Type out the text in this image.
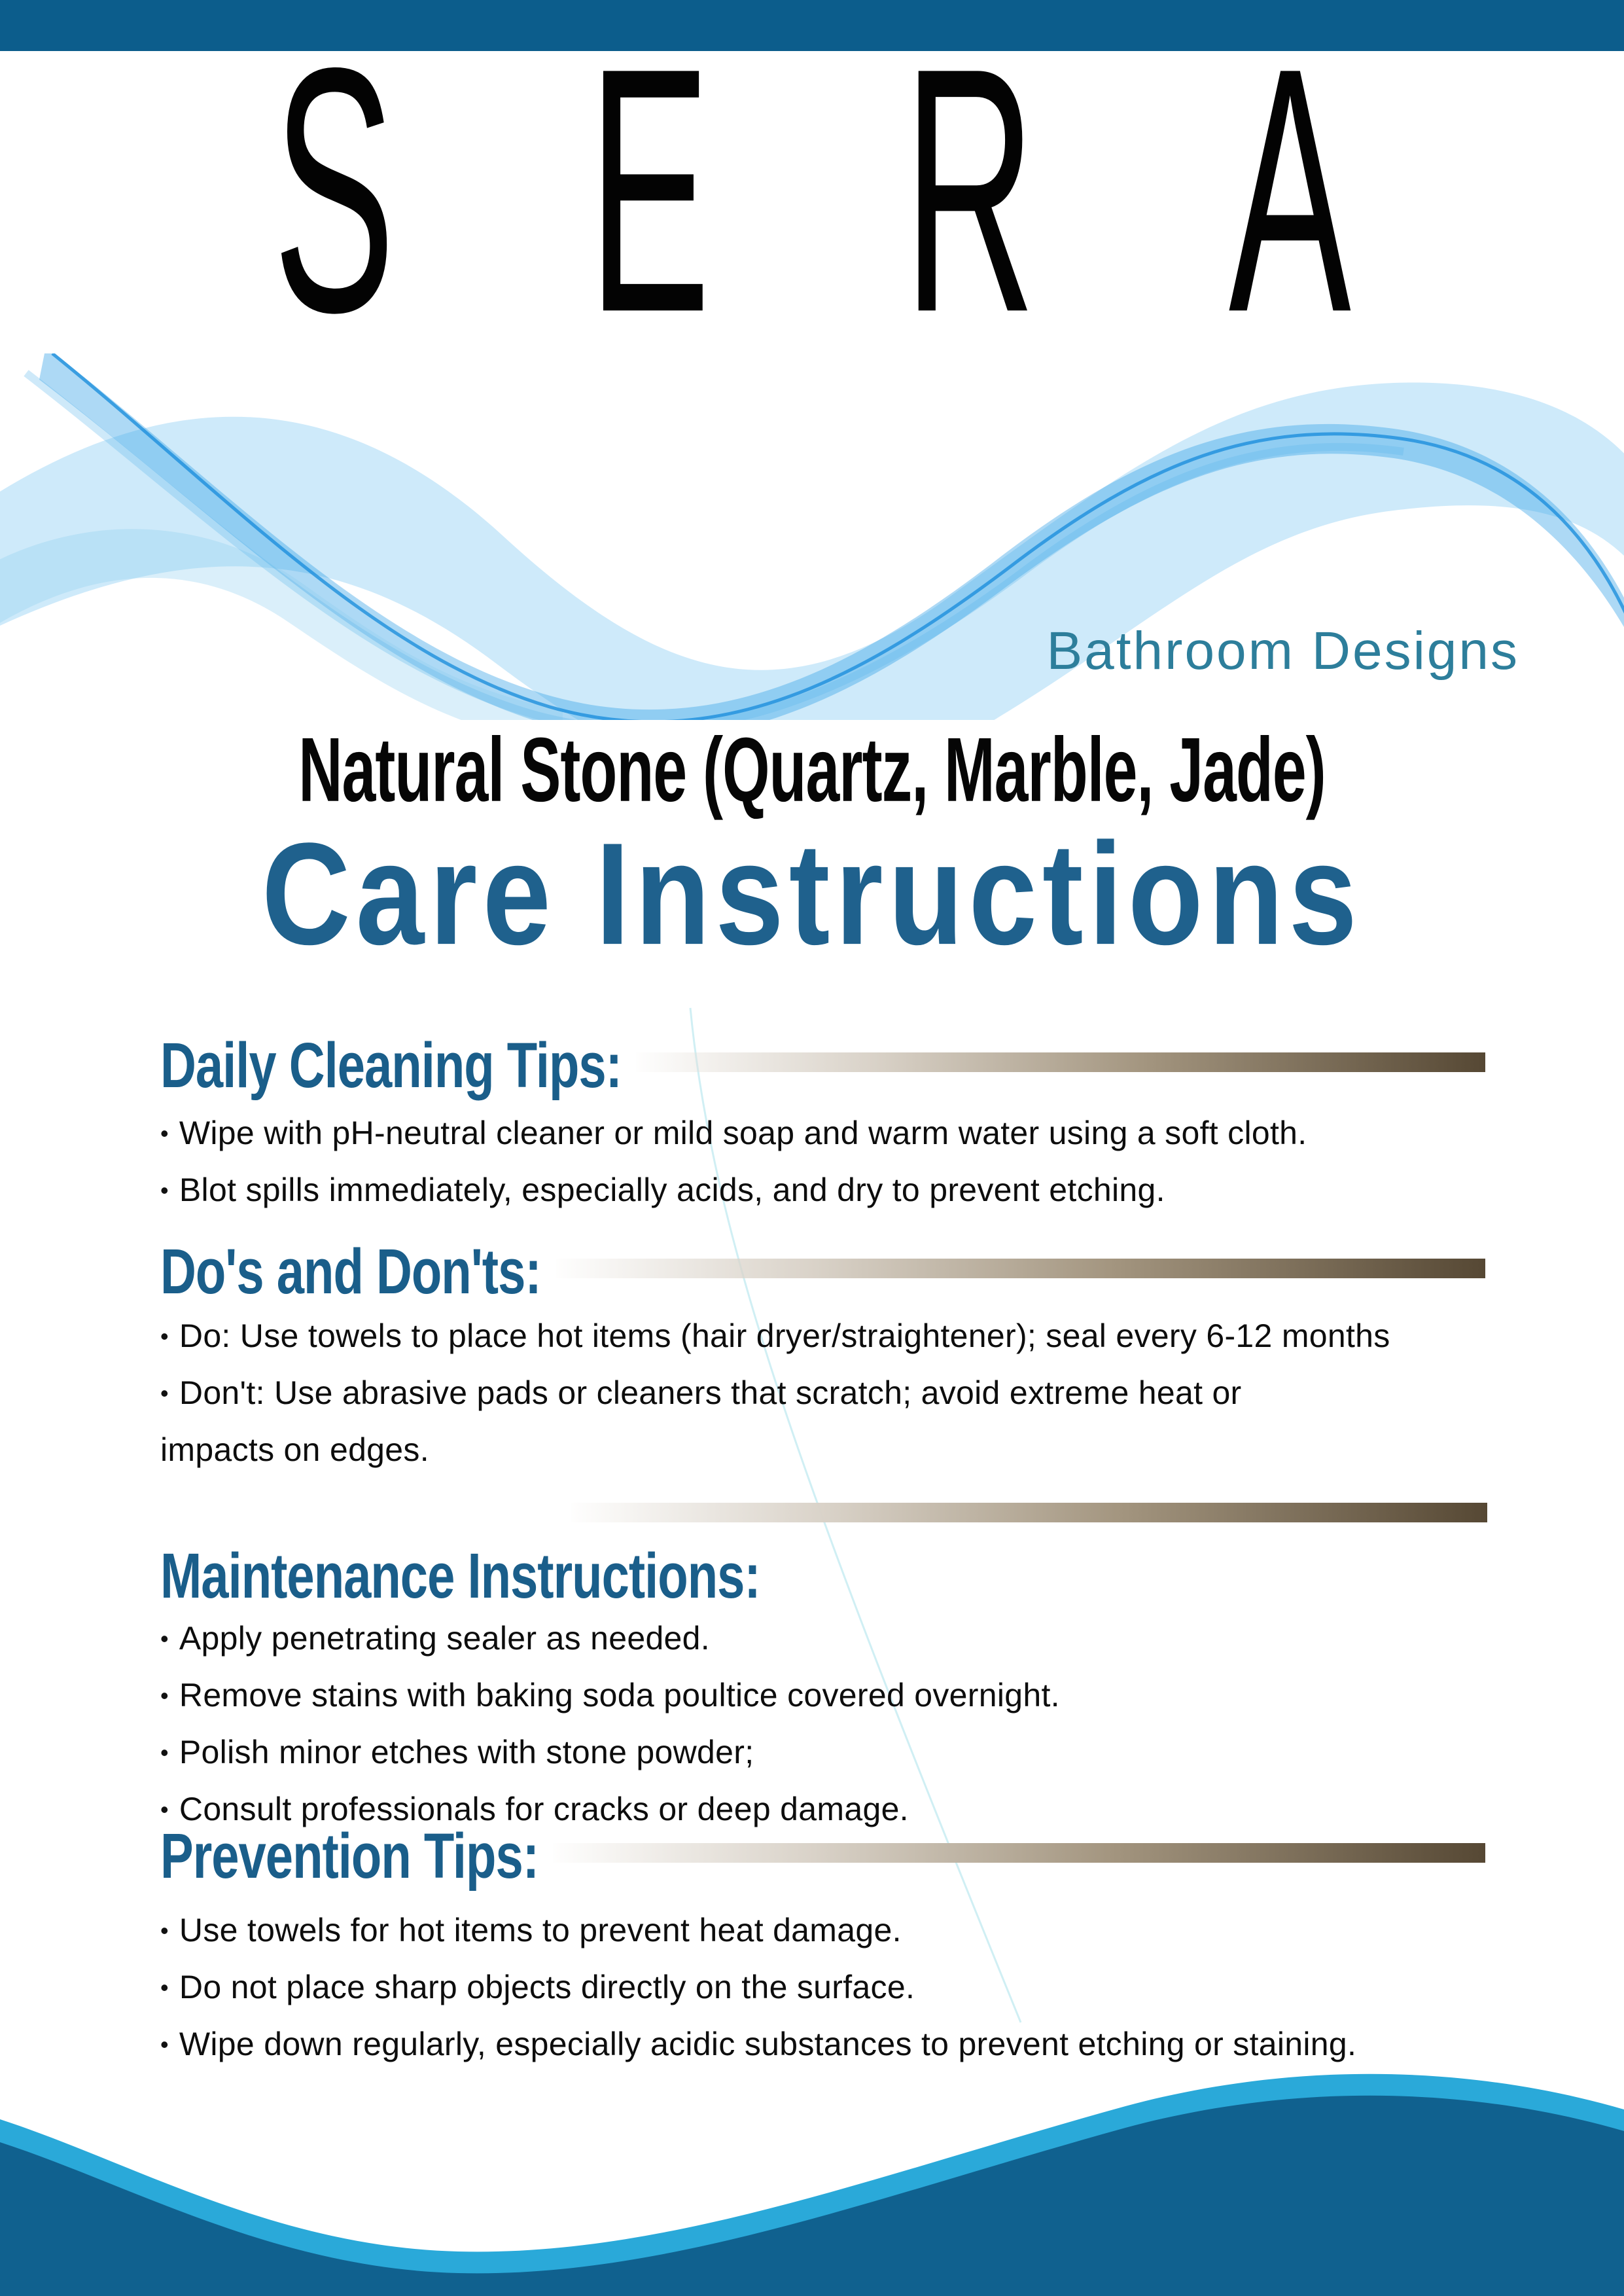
SERA
Bathroom Designs
Natural Stone (Quartz, Marble, Jade)
Care Instructions
Daily Cleaning Tips:
• Wipe with pH-neutral cleaner or mild soap and warm water using a soft cloth.
• Blot spills immediately, especially acids, and dry to prevent etching.
Do's and Don'ts:
• Do: Use towels to place hot items (hair dryer/straightener); seal every 6-12 months
• Don't: Use abrasive pads or cleaners that scratch; avoid extreme heat or impacts on edges.
Maintenance Instructions:
• Apply penetrating sealer as needed.
• Remove stains with baking soda poultice covered overnight.
• Polish minor etches with stone powder;
• Consult professionals for cracks or deep damage.
Prevention Tips:
• Use towels for hot items to prevent heat damage.
• Do not place sharp objects directly on the surface.
• Wipe down regularly, especially acidic substances to prevent etching or staining.
